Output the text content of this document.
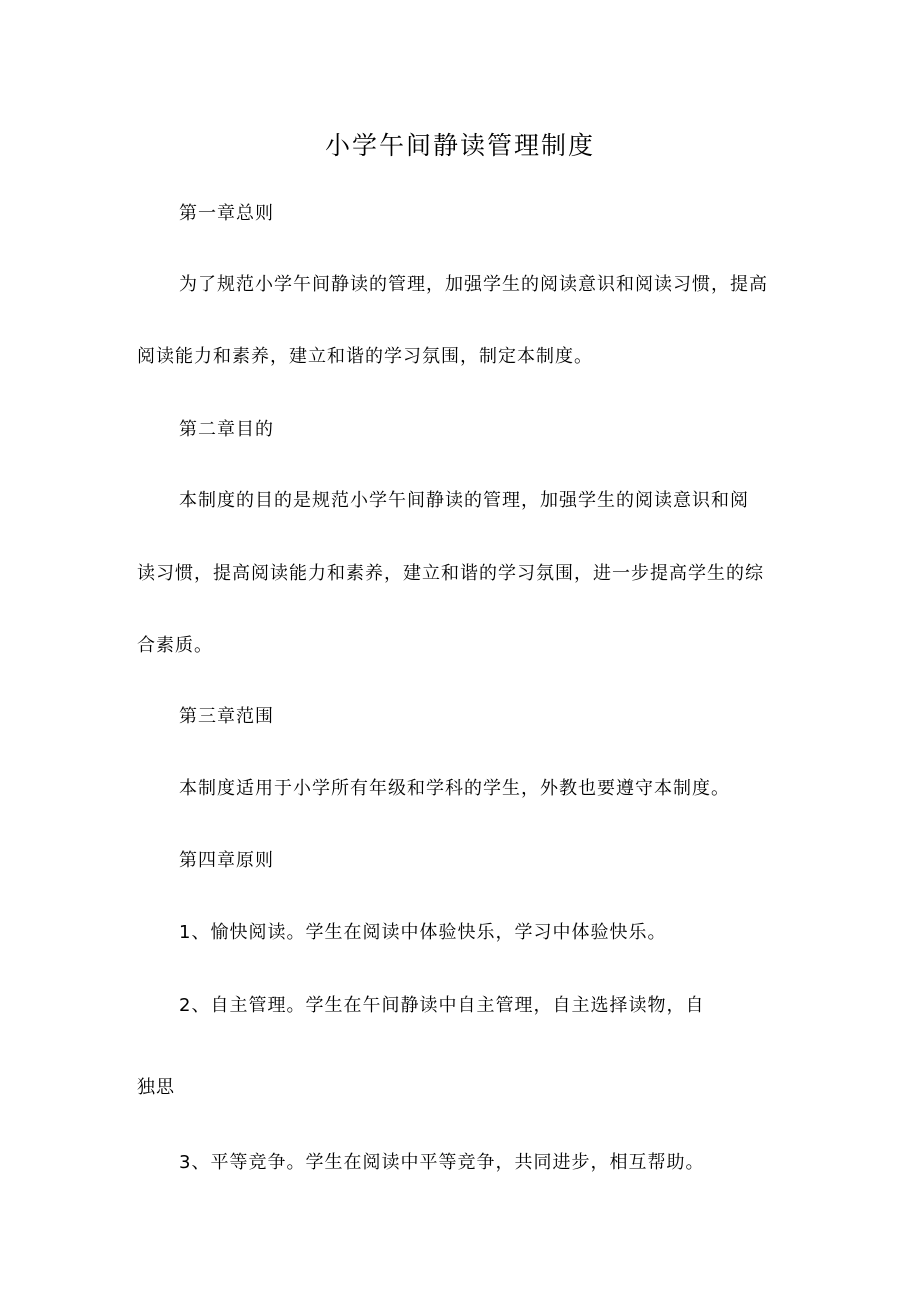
小学午间静读管理制度

第一章总则

为了规范小学午间静读的管理，加强学生的阅读意识和阅读习惯，提高

阅读能力和素养，建立和谐的学习氛围，制定本制度。

第二章目的

本制度的目的是规范小学午间静读的管理，加强学生的阅读意识和阅

读习惯，提高阅读能力和素养，建立和谐的学习氛围，进一步提高学生的综

合素质。

第三章范围

本制度适用于小学所有年级和学科的学生，外教也要遵守本制度。

第四章原则

1、愉快阅读。学生在阅读中体验快乐，学习中体验快乐。

2、自主管理。学生在午间静读中自主管理，自主选择读物，自

独思

3、平等竞争。学生在阅读中平等竞争，共同进步，相互帮助。
